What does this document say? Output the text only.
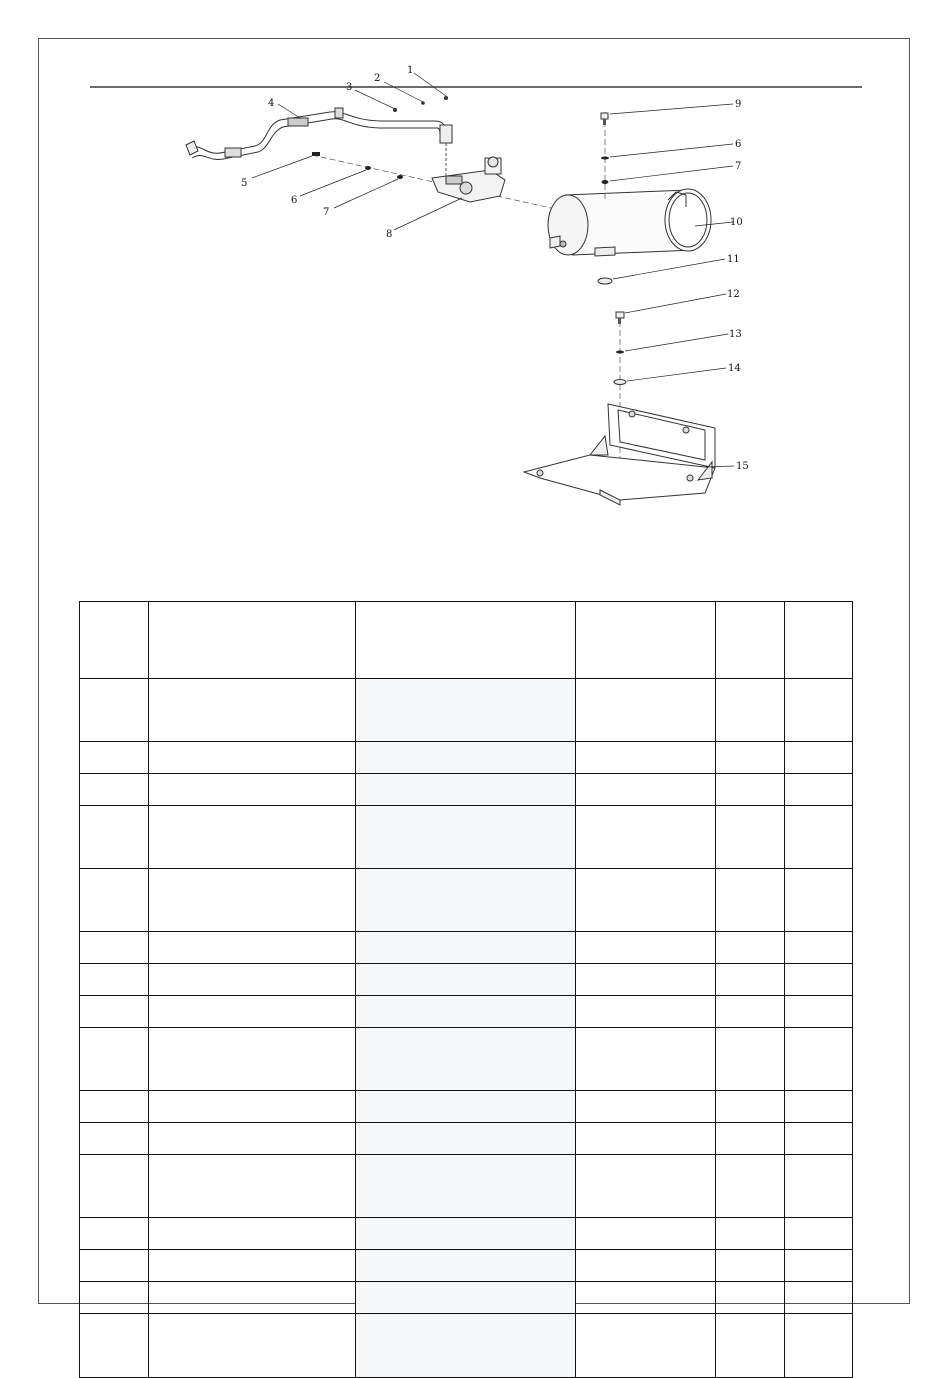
1
2
3
4
5
6
7
8
9
6
7
10
11
12
13
14
15
